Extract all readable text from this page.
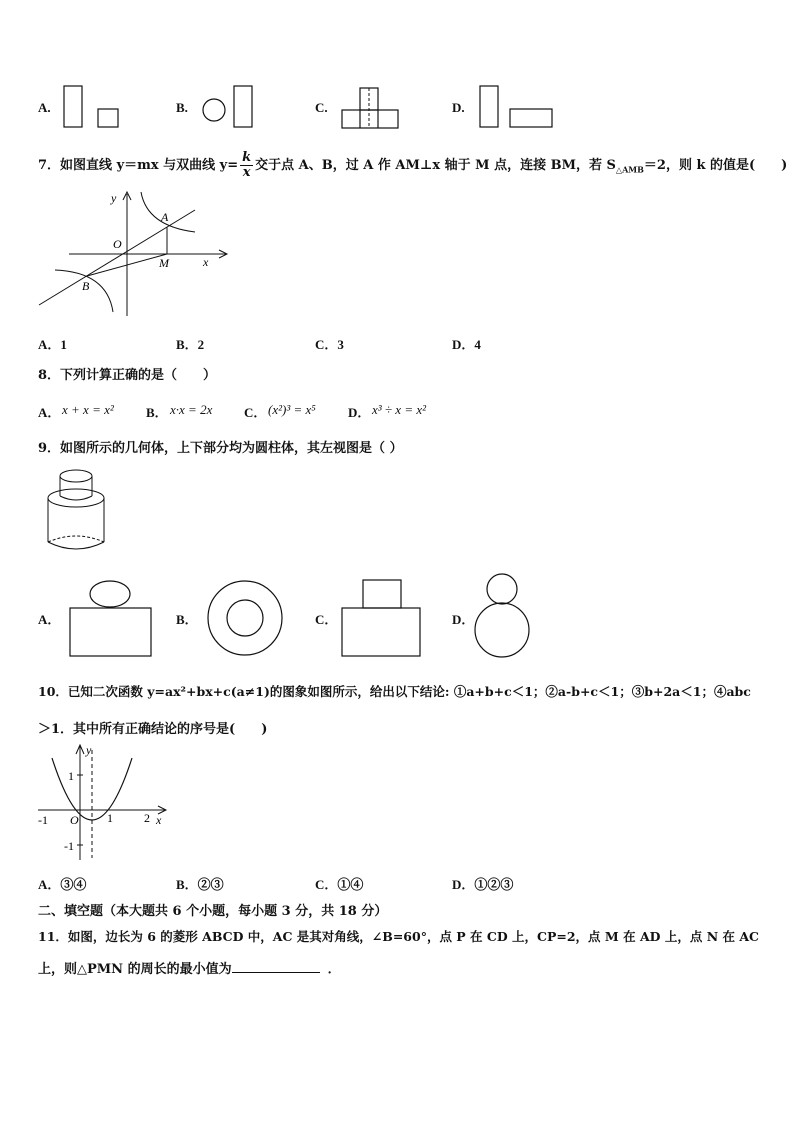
A.	B.	C.	D.
7．如图直线 y＝mx 与双曲线 $y= \frac{k}{x}$ 交于点 A、B，过 A 作 AM⊥x 轴于 M 点，连接 BM，若 $S_{\triangle AMB}=2$，则 k 的值是(　　)
y
x
O
A
B
M
A．1	B．2	C．3	D．4
8．下列计算正确的是（　　）
A． x + x = x² B． x·x = 2x C． (x²)³ = x⁵ D． x³ ÷ x = x²
9．如图所示的几何体，上下部分均为圆柱体，其左视图是（ ）
A．	B．	C．	D．
10．已知二次函数 y=ax²+bx+c(a≠1)的图象如图所示，给出以下结论: ①a+b+c＜1；②a-b+c＜1；③b+2a＜1；④abc
＞1．其中所有正确结论的序号是(　　)
y
x
O
1
-1
-1	1	2
A．③④	B．②③	C．①④	D．①②③
二、填空题（本大题共 6 个小题，每小题 3 分，共 18 分）
11．如图，边长为 6 的菱形 ABCD 中，AC 是其对角线，∠B=60°，点 P 在 CD 上，CP=2，点 M 在 AD 上，点 N 在 AC
上，则△PMN 的周长的最小值为	．
